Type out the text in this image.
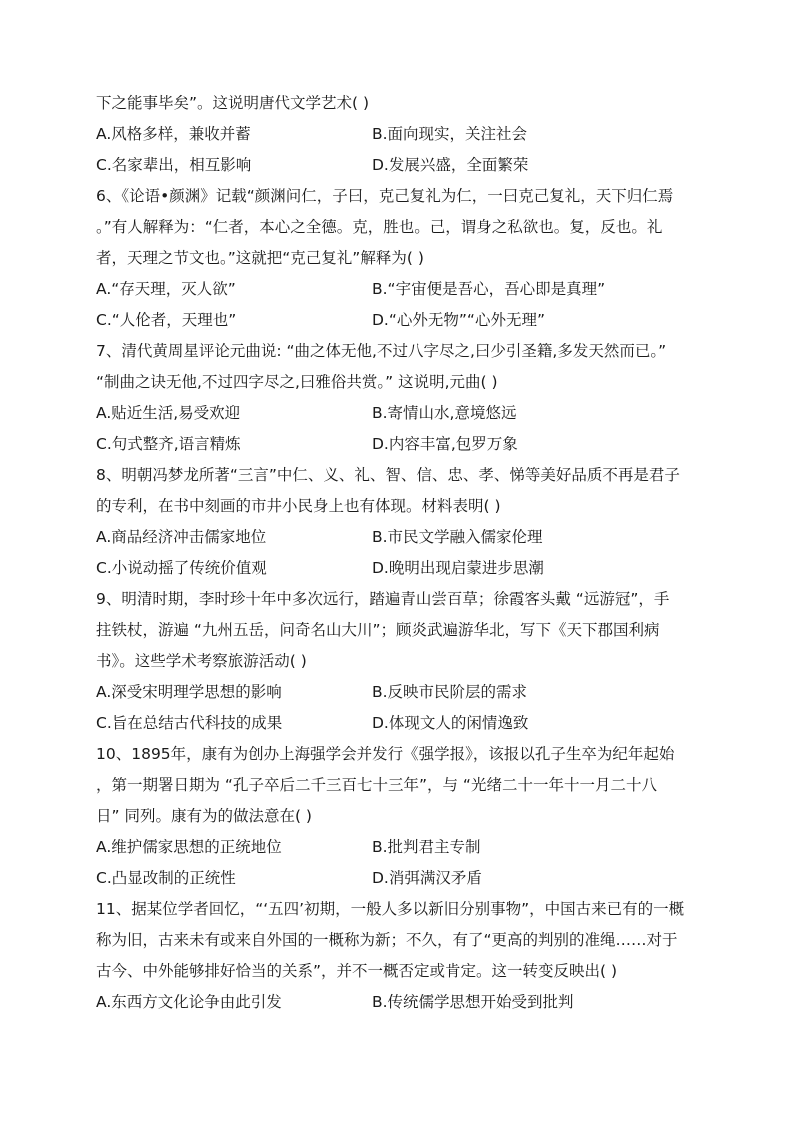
下之能事毕矣”。这说明唐代文学艺术( )
A.风格多样，兼收并蓄	B.面向现实，关注社会
C.名家辈出，相互影响	D.发展兴盛，全面繁荣
6、《论语•颜渊》记载“颜渊问仁，子曰，克己复礼为仁，一曰克己复礼，天下归仁焉
。”有人解释为：“仁者，本心之全德。克，胜也。己，谓身之私欲也。复，反也。礼
者，天理之节文也。”这就把“克己复礼”解释为( )
A.“存天理，灭人欲”	B.“宇宙便是吾心，吾心即是真理”
C.“人伦者，天理也”	D.“心外无物”“心外无理”
7、清代黄周星评论元曲说: “曲之体无他,不过八字尽之,曰少引圣籍,多发天然而已。”
“制曲之诀无他,不过四字尽之,曰雅俗共赏。” 这说明,元曲( )
A.贴近生活,易受欢迎	B.寄情山水,意境悠远
C.句式整齐,语言精炼	D.内容丰富,包罗万象
8、明朝冯梦龙所著“三言”中仁、义、礼、智、信、忠、孝、悌等美好品质不再是君子
的专利，在书中刻画的市井小民身上也有体现。材料表明( )
A.商品经济冲击儒家地位	B.市民文学融入儒家伦理
C.小说动摇了传统价值观	D.晚明出现启蒙进步思潮
9、明清时期，李时珍十年中多次远行，踏遍青山尝百草；徐霞客头戴 “远游冠”，手
拄铁杖，游遍 “九州五岳，问奇名山大川”；顾炎武遍游华北，写下《天下郡国利病
书》。这些学术考察旅游活动( )
A.深受宋明理学思想的影响	B.反映市民阶层的需求
C.旨在总结古代科技的成果	D.体现文人的闲情逸致
10、1895年，康有为创办上海强学会并发行《强学报》，该报以孔子生卒为纪年起始
，第一期署日期为 “孔子卒后二千三百七十三年”，与 “光绪二十一年十一月二十八
日” 同列。康有为的做法意在( )
A.维护儒家思想的正统地位	B.批判君主专制
C.凸显改制的正统性	D.消弭满汉矛盾
11、据某位学者回忆，“‘五四’初期，一般人多以新旧分别事物”，中国古来已有的一概
称为旧，古来未有或来自外国的一概称为新；不久，有了“更高的判别的准绳……对于
古今、中外能够排好恰当的关系”，并不一概否定或肯定。这一转变反映出( )
A.东西方文化论争由此引发	B.传统儒学思想开始受到批判
